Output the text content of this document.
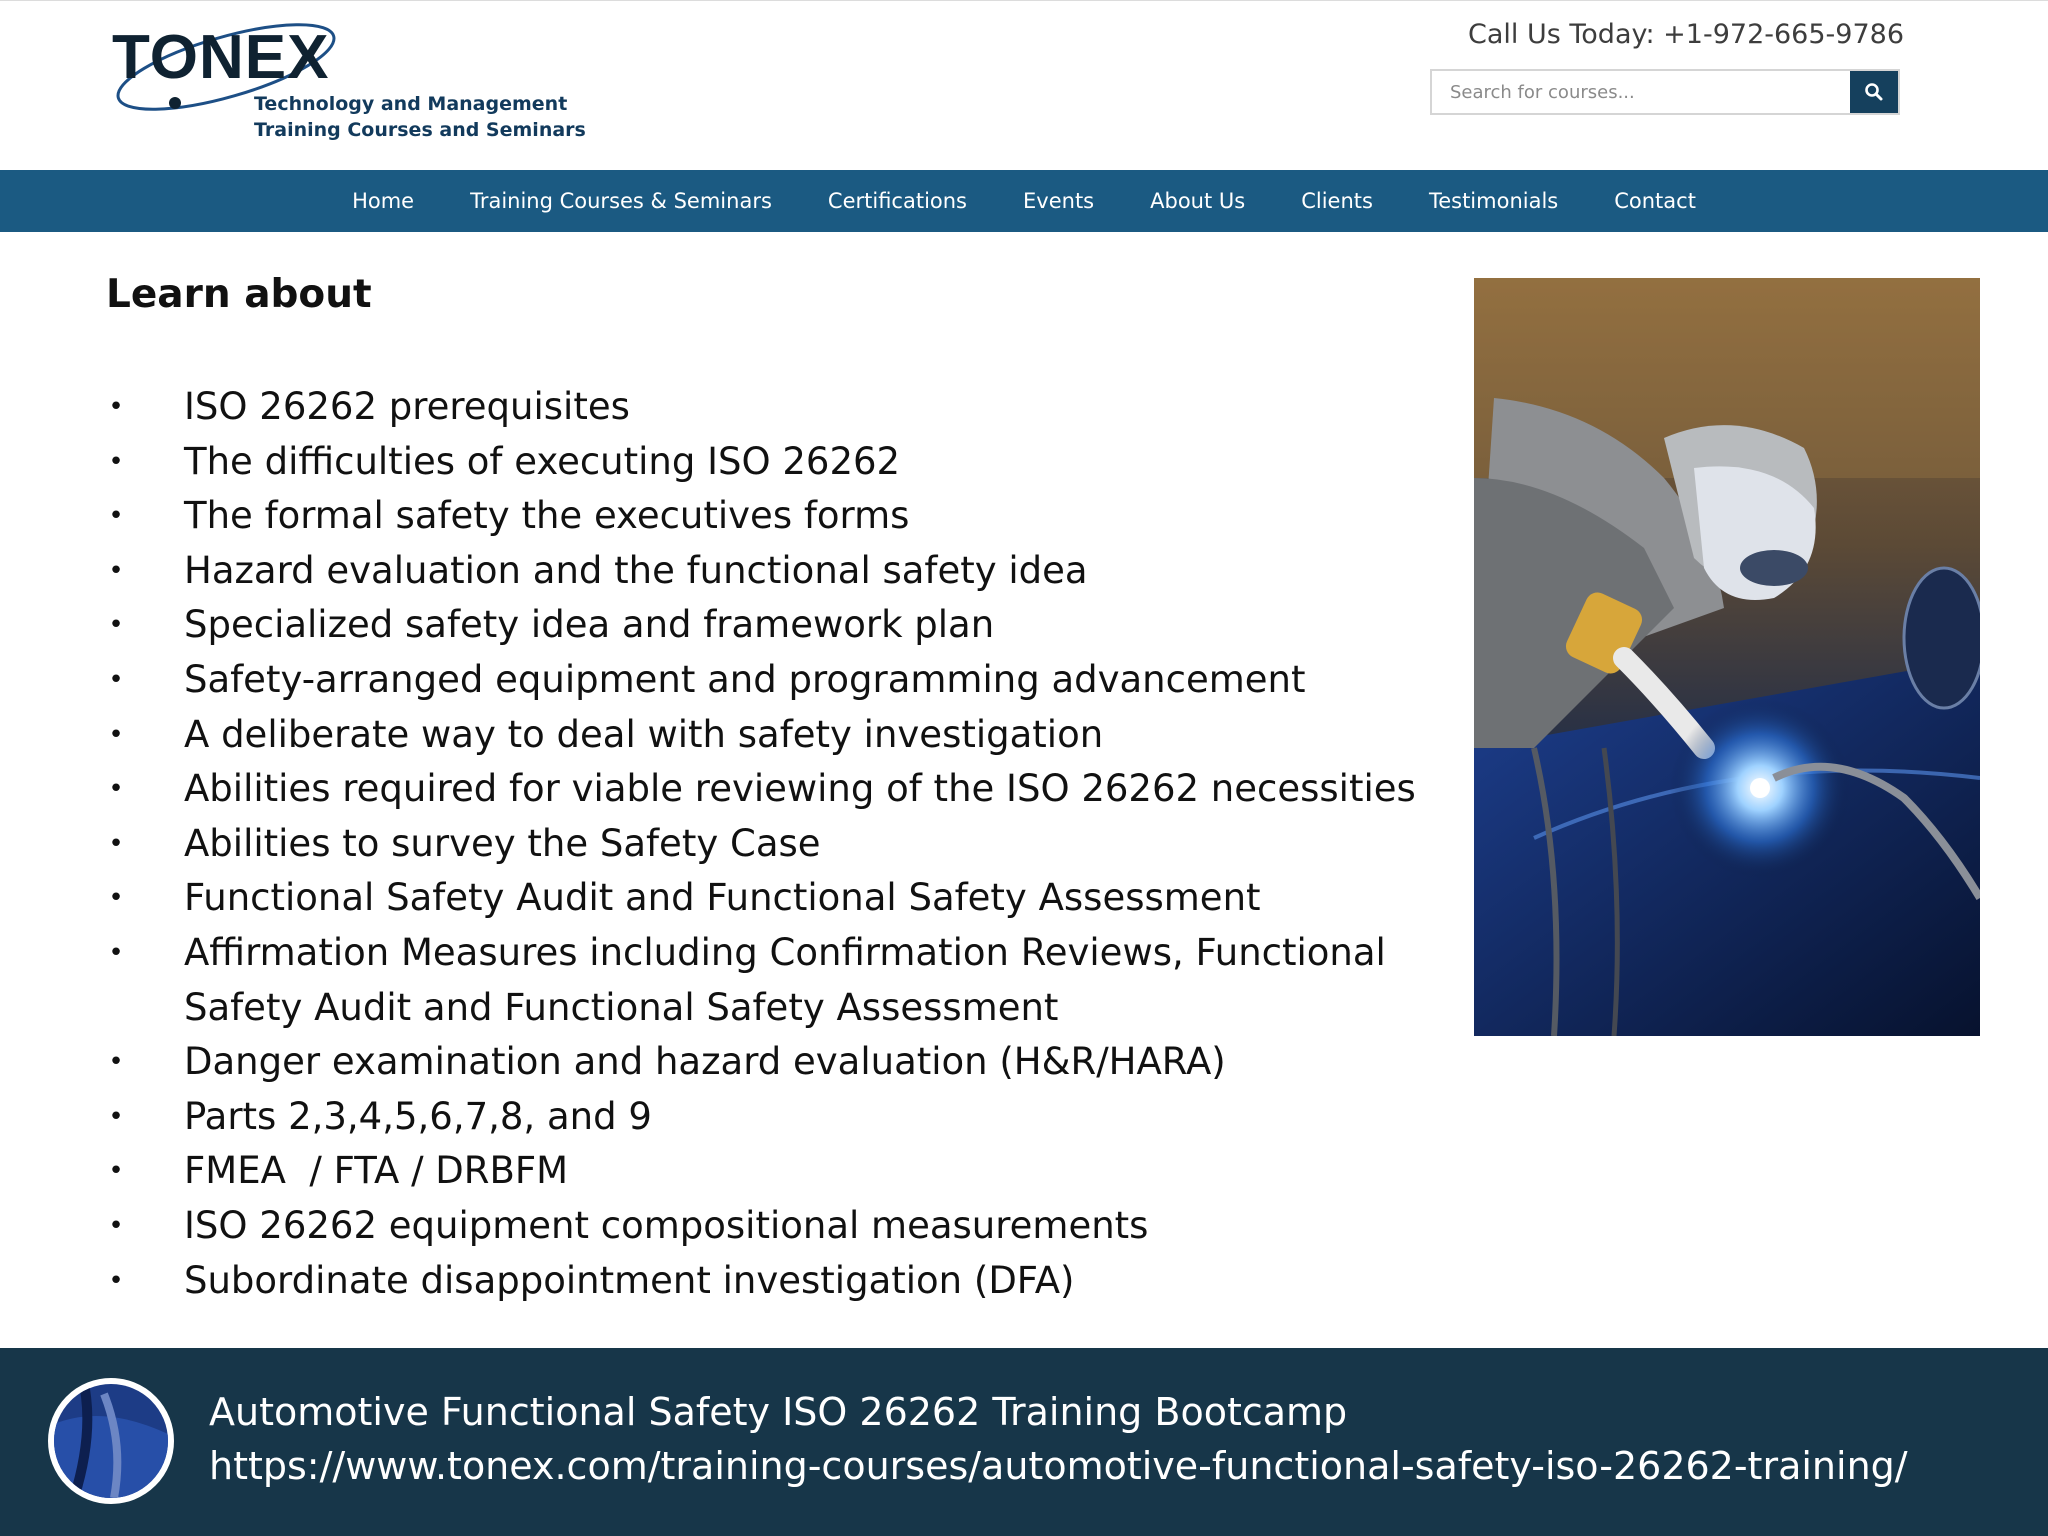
TONEX
Technology and Management
Training Courses and Seminars
Call Us Today: +1-972-665-9786
Search for courses...
Home	Training Courses & Seminars	Certifications	Events	About Us	Clients	Testimonials	Contact
Learn about
• ISO 26262 prerequisites
• The difficulties of executing ISO 26262
• The formal safety the executives forms
• Hazard evaluation and the functional safety idea
• Specialized safety idea and framework plan
• Safety-arranged equipment and programming advancement
• A deliberate way to deal with safety investigation
• Abilities required for viable reviewing of the ISO 26262 necessities
• Abilities to survey the Safety Case
• Functional Safety Audit and Functional Safety Assessment
• Affirmation Measures including Confirmation Reviews, Functional Safety Audit and Functional Safety Assessment
• Danger examination and hazard evaluation (H&R/HARA)
• Parts 2,3,4,5,6,7,8, and 9
• FMEA  / FTA / DRBFM
• ISO 26262 equipment compositional measurements
• Subordinate disappointment investigation (DFA)
Automotive Functional Safety ISO 26262 Training Bootcamp
https://www.tonex.com/training-courses/automotive-functional-safety-iso-26262-training/
